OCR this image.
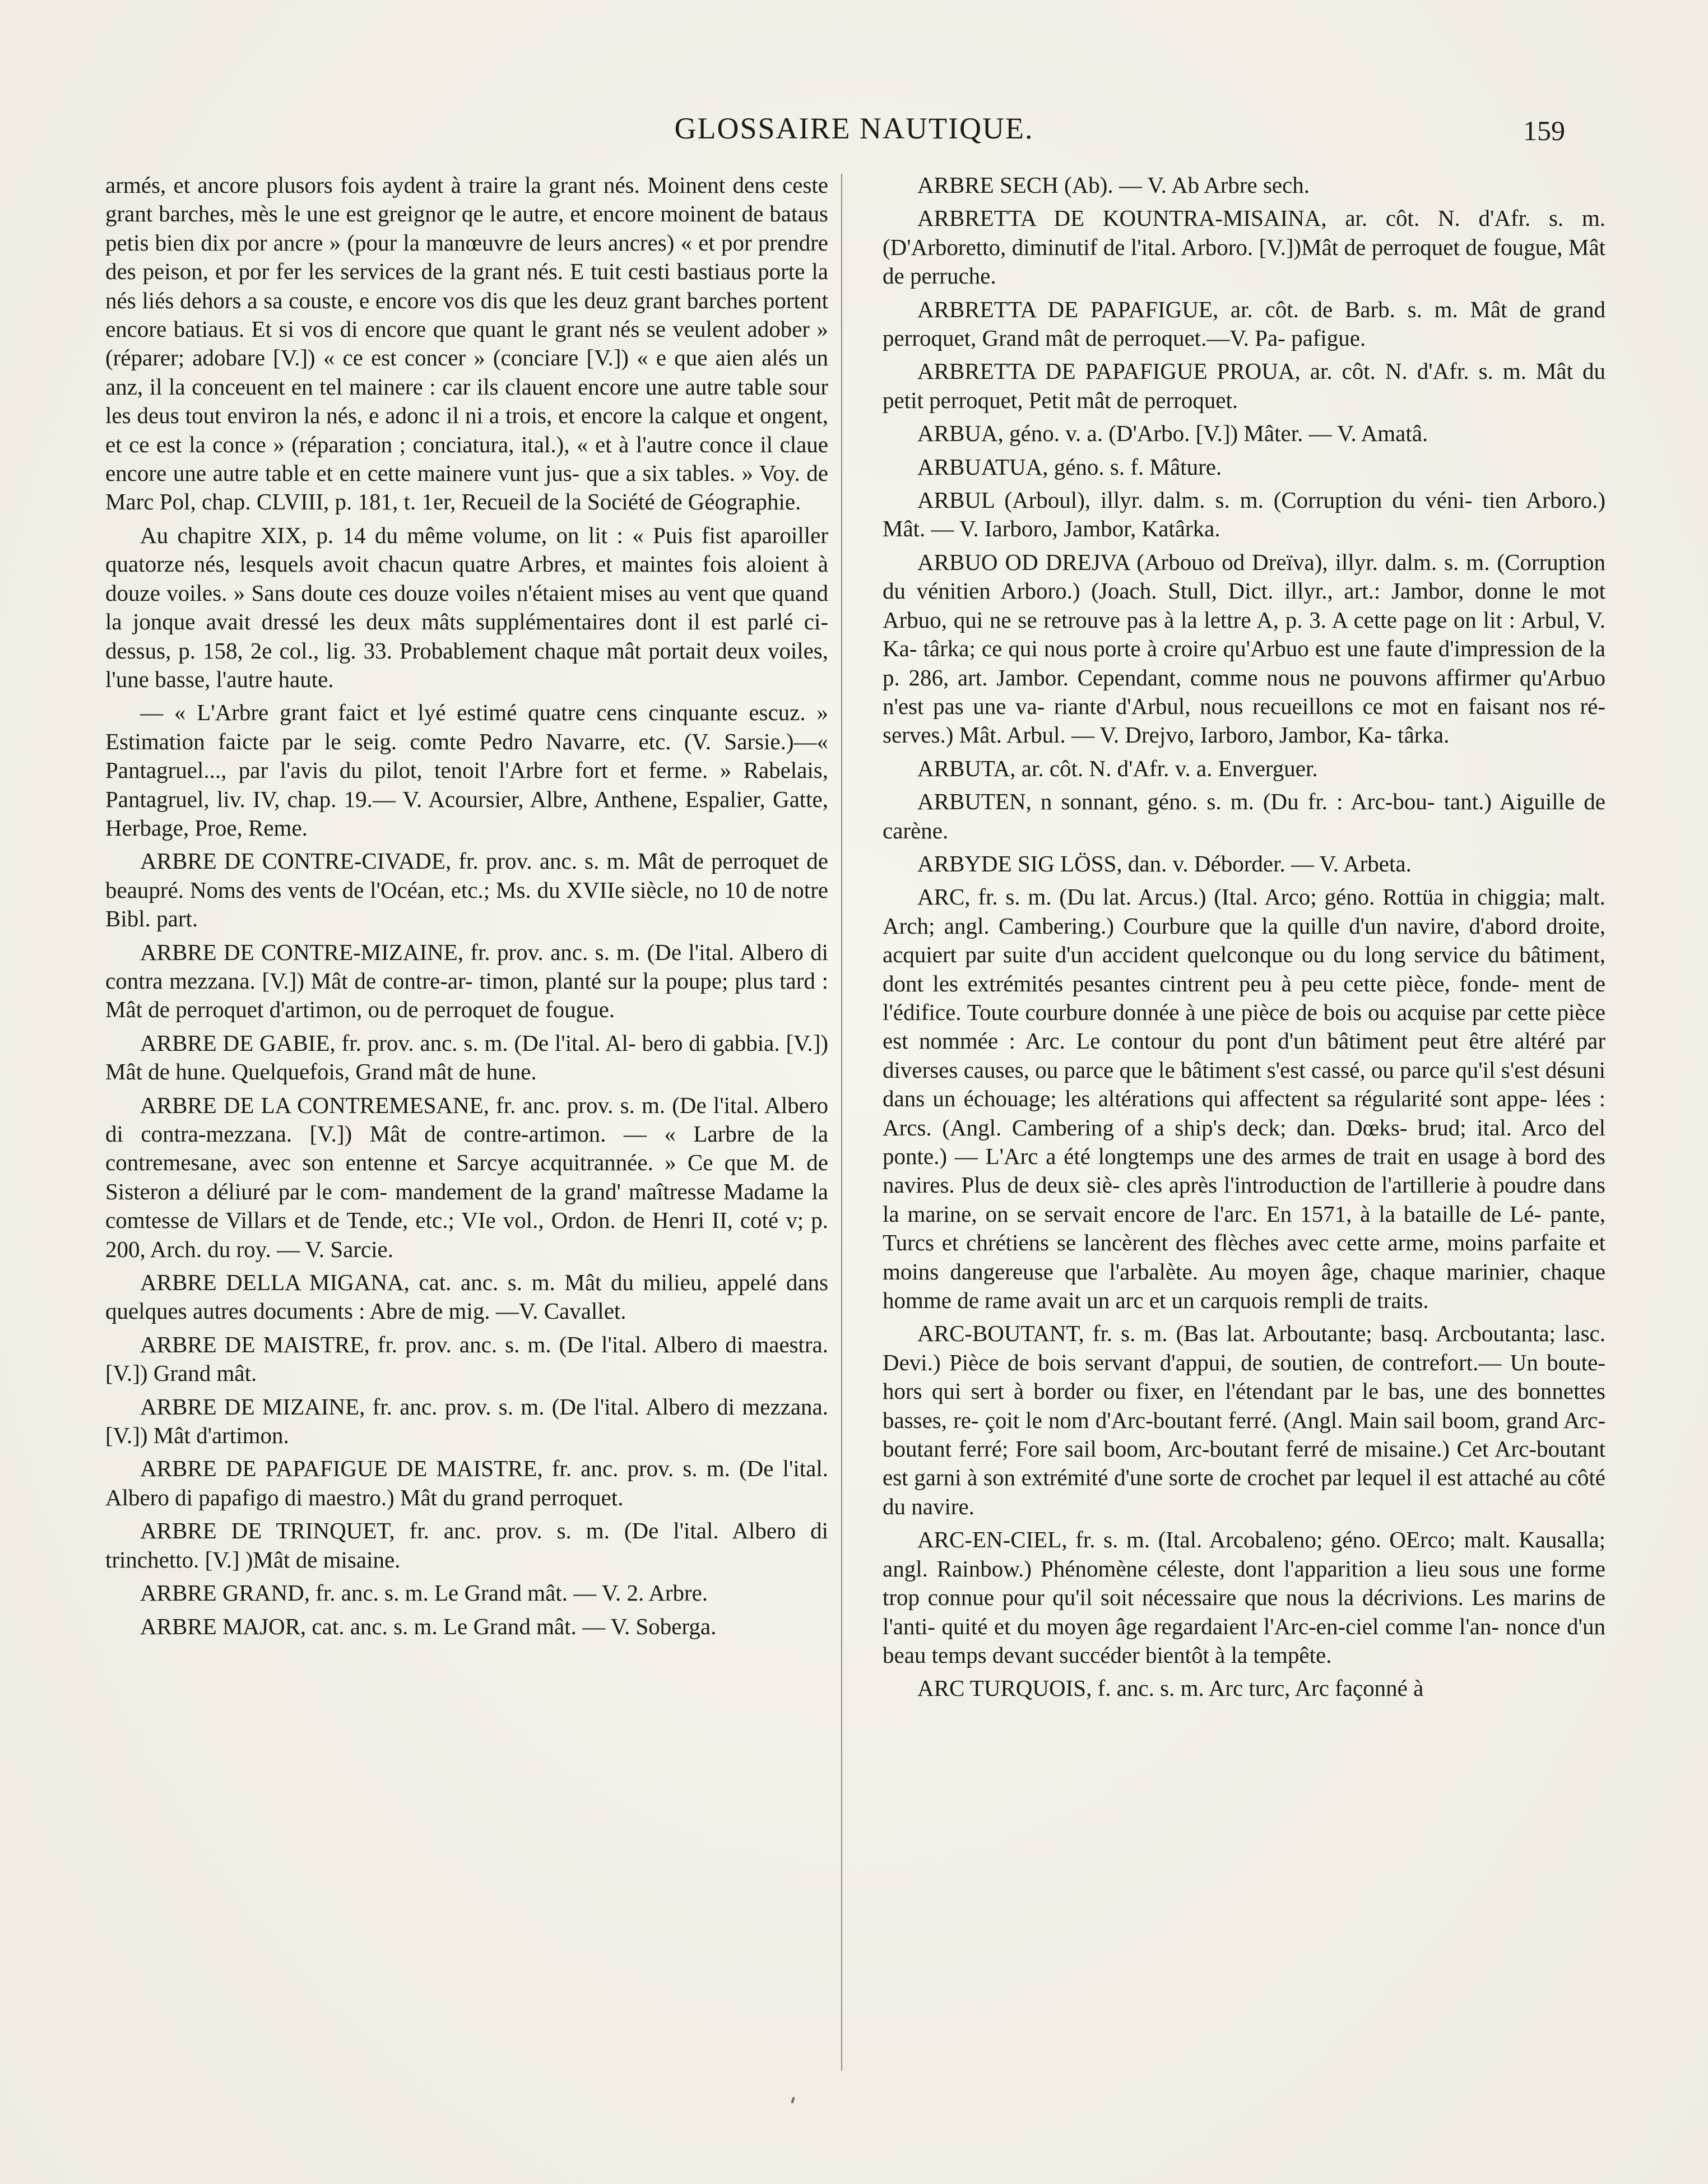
GLOSSAIRE NAUTIQUE.	159

armés, et ancore plusors fois aydent à traire la grant nés. Moinent dens ceste grant barches, mès le une est greignor qe le autre, et encore moinent de bataus petis bien dix por ancre » (pour la manœuvre de leurs ancres) « et por prendre des peison, et por fer les services de la grant nés. E tuit cesti bastiaus porte la nés liés dehors a sa couste, e encore vos dis que les deuz grant barches portent encore batiaus. Et si vos di encore que quant le grant nés se veulent adober » (réparer; adobare [V.]) « ce est concer » (conciare [V.]) « e que aien alés un anz, il la conceuent en tel mainere : car ils clauent encore une autre table sour les deus tout environ la nés, e adonc il ni a trois, et encore la calque et ongent, et ce est la conce » (réparation ; conciatura, ital.), « et à l'autre conce il claue encore une autre table et en cette mainere vunt jus- que a six tables. » Voy. de Marc Pol, chap. CLVIII, p. 181, t. 1er, Recueil de la Société de Géographie.

Au chapitre XIX, p. 14 du même volume, on lit : « Puis fist aparoiller quatorze nés, lesquels avoit chacun quatre Arbres, et maintes fois aloient à douze voiles. » Sans doute ces douze voiles n'étaient mises au vent que quand la jonque avait dressé les deux mâts supplémentaires dont il est parlé ci-dessus, p. 158, 2e col., lig. 33. Probablement chaque mât portait deux voiles, l'une basse, l'autre haute.

— « L'Arbre grant faict et lyé estimé quatre cens cinquante escuz. » Estimation faicte par le seig. comte Pedro Navarre, etc. (V. Sarsie.)—« Pantagruel..., par l'avis du pilot, tenoit l'Arbre fort et ferme. » Rabelais, Pantagruel, liv. IV, chap. 19.— V. Acoursier, Albre, Anthene, Espalier, Gatte, Herbage, Proe, Reme.

ARBRE DE CONTRE-CIVADE, fr. prov. anc. s. m. Mât de perroquet de beaupré. Noms des vents de l'Océan, etc.; Ms. du XVIIe siècle, no 10 de notre Bibl. part.

ARBRE DE CONTRE-MIZAINE, fr. prov. anc. s. m. (De l'ital. Albero di contra mezzana. [V.]) Mât de contre-ar- timon, planté sur la poupe; plus tard : Mât de perroquet d'artimon, ou de perroquet de fougue.

ARBRE DE GABIE, fr. prov. anc. s. m. (De l'ital. Al- bero di gabbia. [V.]) Mât de hune. Quelquefois, Grand mât de hune.

ARBRE DE LA CONTREMESANE, fr. anc. prov. s. m. (De l'ital. Albero di contra-mezzana. [V.]) Mât de contre-artimon. — « Larbre de la contremesane, avec son entenne et Sarcye acquitrannée. » Ce que M. de Sisteron a déliuré par le com- mandement de la grand' maîtresse Madame la comtesse de Villars et de Tende, etc.; VIe vol., Ordon. de Henri II, coté v; p. 200, Arch. du roy. — V. Sarcie.

ARBRE DELLA MIGANA, cat. anc. s. m. Mât du milieu, appelé dans quelques autres documents : Abre de mig. —V. Cavallet.

ARBRE DE MAISTRE, fr. prov. anc. s. m. (De l'ital. Albero di maestra. [V.]) Grand mât.

ARBRE DE MIZAINE, fr. anc. prov. s. m. (De l'ital. Albero di mezzana. [V.]) Mât d'artimon.

ARBRE DE PAPAFIGUE DE MAISTRE, fr. anc. prov. s. m. (De l'ital. Albero di papafigo di maestro.) Mât du grand perroquet.

ARBRE DE TRINQUET, fr. anc. prov. s. m. (De l'ital. Albero di trinchetto. [V.] )Mât de misaine.

ARBRE GRAND, fr. anc. s. m. Le Grand mât. — V. 2. Arbre.

ARBRE MAJOR, cat. anc. s. m. Le Grand mât. — V. Soberga.

ARBRE SECH (Ab). — V. Ab Arbre sech.

ARBRETTA DE KOUNTRA-MISAINA, ar. côt. N. d'Afr. s. m. (D'Arboretto, diminutif de l'ital. Arboro. [V.])Mât de perroquet de fougue, Mât de perruche.

ARBRETTA DE PAPAFIGUE, ar. côt. de Barb. s. m. Mât de grand perroquet, Grand mât de perroquet.—V. Pa- pafigue.

ARBRETTA DE PAPAFIGUE PROUA, ar. côt. N. d'Afr. s. m. Mât du petit perroquet, Petit mât de perroquet.

ARBUA, géno. v. a. (D'Arbo. [V.]) Mâter. — V. Amatâ.

ARBUATUA, géno. s. f. Mâture.

ARBUL (Arboul), illyr. dalm. s. m. (Corruption du véni- tien Arboro.) Mât. — V. Iarboro, Jambor, Katârka.

ARBUO OD DREJVA (Arbouo od Dreïva), illyr. dalm. s. m. (Corruption du vénitien Arboro.) (Joach. Stull, Dict. illyr., art.: Jambor, donne le mot Arbuo, qui ne se retrouve pas à la lettre A, p. 3. A cette page on lit : Arbul, V. Ka- târka; ce qui nous porte à croire qu'Arbuo est une faute d'impression de la p. 286, art. Jambor. Cependant, comme nous ne pouvons affirmer qu'Arbuo n'est pas une va- riante d'Arbul, nous recueillons ce mot en faisant nos ré- serves.) Mât. Arbul. — V. Drejvo, Iarboro, Jambor, Ka- târka.

ARBUTA, ar. côt. N. d'Afr. v. a. Enverguer.

ARBUTEN, n sonnant, géno. s. m. (Du fr. : Arc-bou- tant.) Aiguille de carène.

ARBYDE SIG LÖSS, dan. v. Déborder. — V. Arbeta.

ARC, fr. s. m. (Du lat. Arcus.) (Ital. Arco; géno. Rottüa in chiggia; malt. Arch; angl. Cambering.) Courbure que la quille d'un navire, d'abord droite, acquiert par suite d'un accident quelconque ou du long service du bâtiment, dont les extrémités pesantes cintrent peu à peu cette pièce, fonde- ment de l'édifice. Toute courbure donnée à une pièce de bois ou acquise par cette pièce est nommée : Arc. Le contour du pont d'un bâtiment peut être altéré par diverses causes, ou parce que le bâtiment s'est cassé, ou parce qu'il s'est désuni dans un échouage; les altérations qui affectent sa régularité sont appe- lées : Arcs. (Angl. Cambering of a ship's deck; dan. Dœks- brud; ital. Arco del ponte.) — L'Arc a été longtemps une des armes de trait en usage à bord des navires. Plus de deux siè- cles après l'introduction de l'artillerie à poudre dans la marine, on se servait encore de l'arc. En 1571, à la bataille de Lé- pante, Turcs et chrétiens se lancèrent des flèches avec cette arme, moins parfaite et moins dangereuse que l'arbalète. Au moyen âge, chaque marinier, chaque homme de rame avait un arc et un carquois rempli de traits.

ARC-BOUTANT, fr. s. m. (Bas lat. Arboutante; basq. Arcboutanta; lasc. Devi.) Pièce de bois servant d'appui, de soutien, de contrefort.— Un boute-hors qui sert à border ou fixer, en l'étendant par le bas, une des bonnettes basses, re- çoit le nom d'Arc-boutant ferré. (Angl. Main sail boom, grand Arc-boutant ferré; Fore sail boom, Arc-boutant ferré de misaine.) Cet Arc-boutant est garni à son extrémité d'une sorte de crochet par lequel il est attaché au côté du navire.

ARC-EN-CIEL, fr. s. m. (Ital. Arcobaleno; géno. OErco; malt. Kausalla; angl. Rainbow.) Phénomène céleste, dont l'apparition a lieu sous une forme trop connue pour qu'il soit nécessaire que nous la décrivions. Les marins de l'anti- quité et du moyen âge regardaient l'Arc-en-ciel comme l'an- nonce d'un beau temps devant succéder bientôt à la tempête.

ARC TURQUOIS, f. anc. s. m. Arc turc, Arc façonné à
